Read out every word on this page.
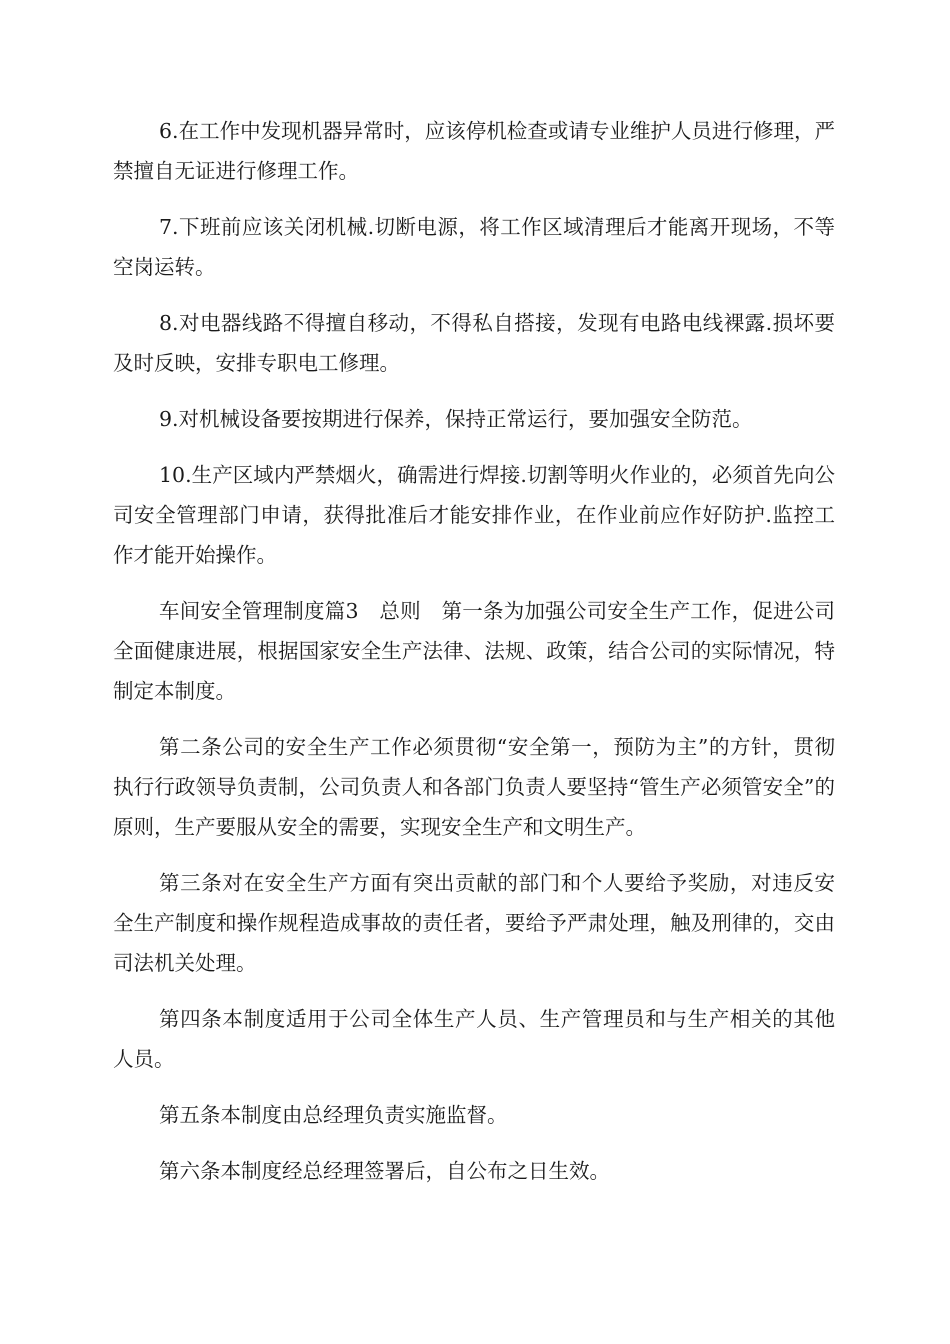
6.在工作中发现机器异常时，应该停机检查或请专业维护人员进行修理，严禁擅自无证进行修理工作。

7.下班前应该关闭机械.切断电源，将工作区域清理后才能离开现场，不等空岗运转。

8.对电器线路不得擅自移动，不得私自搭接，发现有电路电线裸露.损坏要及时反映，安排专职电工修理。

9.对机械设备要按期进行保养，保持正常运行，要加强安全防范。

10.生产区域内严禁烟火，确需进行焊接.切割等明火作业的，必须首先向公司安全管理部门申请，获得批准后才能安排作业，在作业前应作好防护.监控工作才能开始操作。

车间安全管理制度篇3　总则　第一条为加强公司安全生产工作，促进公司全面健康进展，根据国家安全生产法律、法规、政策，结合公司的实际情况，特制定本制度。

第二条公司的安全生产工作必须贯彻“安全第一，预防为主”的方针，贯彻执行行政领导负责制，公司负责人和各部门负责人要坚持“管生产必须管安全”的原则，生产要服从安全的需要，实现安全生产和文明生产。

第三条对在安全生产方面有突出贡献的部门和个人要给予奖励，对违反安全生产制度和操作规程造成事故的责任者，要给予严肃处理，触及刑律的，交由司法机关处理。

第四条本制度适用于公司全体生产人员、生产管理员和与生产相关的其他人员。

第五条本制度由总经理负责实施监督。

第六条本制度经总经理签署后，自公布之日生效。
